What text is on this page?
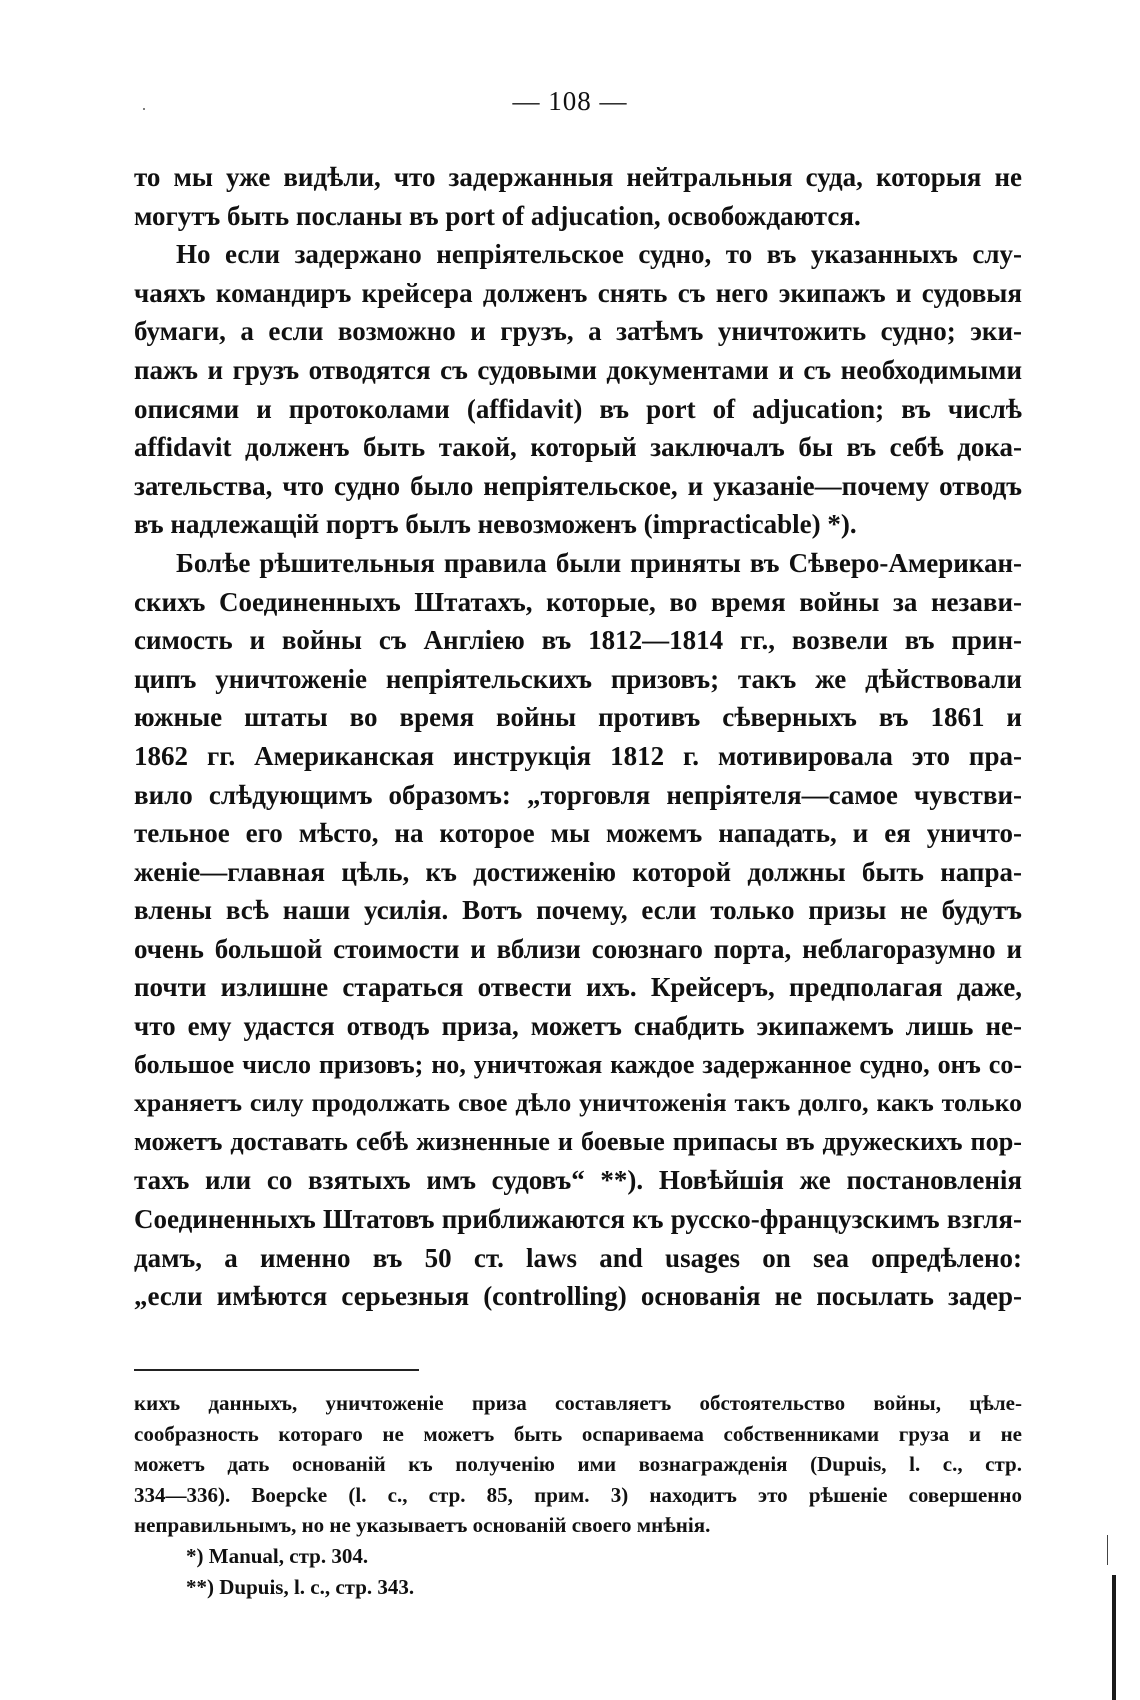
— 108 —
то мы уже видѣли, что задержанныя нейтральныя суда, которыя не
могутъ быть посланы въ port of adjucation, освобождаются.
Но если задержано непріятельское судно, то въ указанныхъ слу-
чаяхъ командиръ крейсера долженъ снять съ него экипажъ и судовыя
бумаги, а если возможно и грузъ, а затѣмъ уничтожить судно; эки-
пажъ и грузъ отводятся съ судовыми документами и съ необходимыми
описями и протоколами (affidavit) въ port of adjucation; въ числѣ
affidavit долженъ быть такой, который заключалъ бы въ себѣ дока-
зательства, что судно было непріятельское, и указаніе—почему отводъ
въ надлежащій портъ былъ невозможенъ (impracticable) *).
Болѣе рѣшительныя правила были приняты въ Сѣверо-Американ-
скихъ Соединенныхъ Штатахъ, которые, во время войны за незави-
симость и войны съ Англіею въ 1812—1814 гг., возвели въ прин-
ципъ уничтоженіе непріятельскихъ призовъ; такъ же дѣйствовали
южные штаты во время войны противъ сѣверныхъ въ 1861 и
1862 гг. Американская инструкція 1812 г. мотивировала это пра-
вило слѣдующимъ образомъ: „торговля непріятеля—самое чувстви-
тельное его мѣсто, на которое мы можемъ нападать, и ея уничто-
женіе—главная цѣль, къ достиженію которой должны быть напра-
влены всѣ наши усилія. Вотъ почему, если только призы не будутъ
очень большой стоимости и вблизи союзнаго порта, неблагоразумно и
почти излишне стараться отвести ихъ. Крейсеръ, предполагая даже,
что ему удастся отводъ приза, можетъ снабдить экипажемъ лишь не-
большое число призовъ; но, уничтожая каждое задержанное судно, онъ со-
храняетъ силу продолжать свое дѣло уничтоженія такъ долго, какъ только
можетъ доставать себѣ жизненные и боевые припасы въ дружескихъ пор-
тахъ или со взятыхъ имъ судовъ“ **). Новѣйшія же постановленія
Соединенныхъ Штатовъ приближаются къ русско-французскимъ взгля-
дамъ, а именно въ 50 ст. laws and usages on sea опредѣлено:
„если имѣются серьезныя (controlling) основанія не посылать задер-
кихъ данныхъ, уничтоженіе приза составляетъ обстоятельство войны, цѣле-
сообразность котораго не можетъ быть оспариваема собственниками груза и не
можетъ дать основаній къ полученію ими вознагражденія (Dupuis, l. c., стр.
334—336). Boepcke (l. c., стр. 85, прим. 3) находитъ это рѣшеніе совершенно
неправильнымъ, но не указываетъ основаній своего мнѣнія.
*) Manual, стр. 304.
**) Dupuis, l. c., стр. 343.
